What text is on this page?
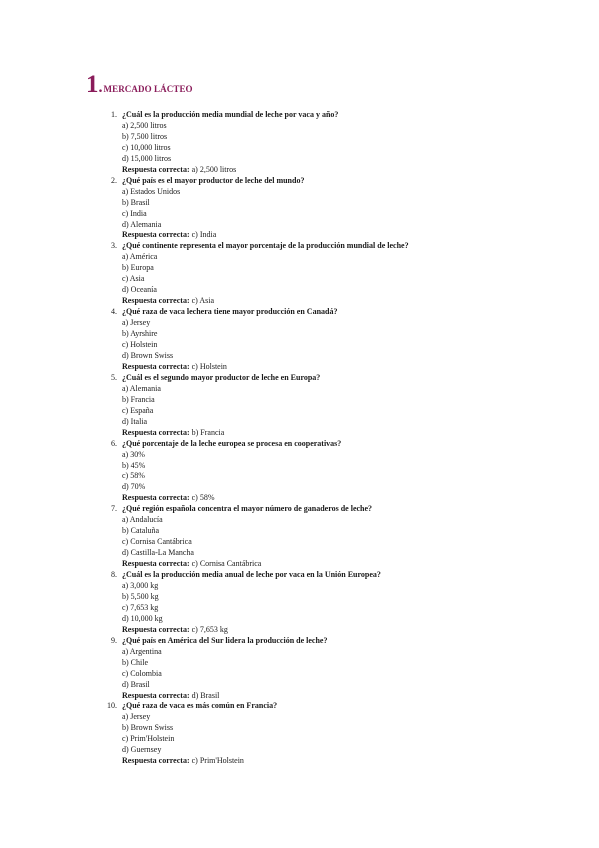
1 . MERCADO LÁCTEO
1. ¿Cuál es la producción media mundial de leche por vaca y año?
a) 2,500 litros
b) 7,500 litros
c) 10,000 litros
d) 15,000 litros
Respuesta correcta: a) 2,500 litros
2. ¿Qué país es el mayor productor de leche del mundo?
a) Estados Unidos
b) Brasil
c) India
d) Alemania
Respuesta correcta: c) India
3. ¿Qué continente representa el mayor porcentaje de la producción mundial de leche?
a) América
b) Europa
c) Asia
d) Oceanía
Respuesta correcta: c) Asia
4. ¿Qué raza de vaca lechera tiene mayor producción en Canadá?
a) Jersey
b) Ayrshire
c) Holstein
d) Brown Swiss
Respuesta correcta: c) Holstein
5. ¿Cuál es el segundo mayor productor de leche en Europa?
a) Alemania
b) Francia
c) España
d) Italia
Respuesta correcta: b) Francia
6. ¿Qué porcentaje de la leche europea se procesa en cooperativas?
a) 30%
b) 45%
c) 58%
d) 70%
Respuesta correcta: c) 58%
7. ¿Qué región española concentra el mayor número de ganaderos de leche?
a) Andalucía
b) Cataluña
c) Cornisa Cantábrica
d) Castilla-La Mancha
Respuesta correcta: c) Cornisa Cantábrica
8. ¿Cuál es la producción media anual de leche por vaca en la Unión Europea?
a) 3,000 kg
b) 5,500 kg
c) 7,653 kg
d) 10,000 kg
Respuesta correcta: c) 7,653 kg
9. ¿Qué país en América del Sur lidera la producción de leche?
a) Argentina
b) Chile
c) Colombia
d) Brasil
Respuesta correcta: d) Brasil
10. ¿Qué raza de vaca es más común en Francia?
a) Jersey
b) Brown Swiss
c) Prim'Holstein
d) Guernsey
Respuesta correcta: c) Prim'Holstein
